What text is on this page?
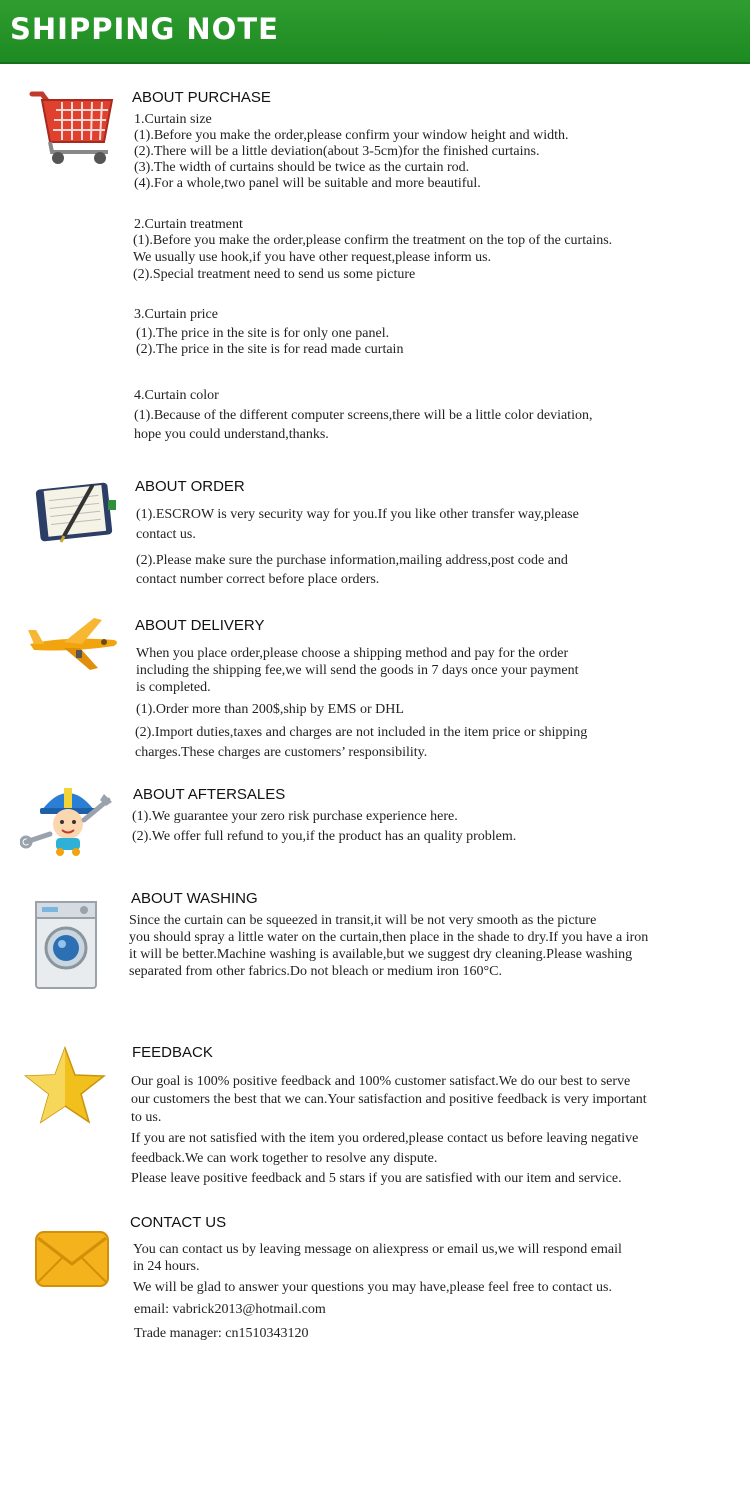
SHIPPING NOTE
ABOUT PURCHASE
1.Curtain size
(1).Before you make the order,please confirm your window height and width.
(2).There will be a little deviation(about 3-5cm)for the finished curtains.
(3).The width of curtains should be twice as the curtain rod.
(4).For a whole,two panel will be suitable and more beautiful.
2.Curtain treatment
(1).Before you make the order,please confirm the treatment on the top of the curtains.
We usually use hook,if you have other request,please inform us.
(2).Special treatment need to send us some picture
3.Curtain price
(1).The price in the site is for only one panel.
(2).The price in the site is for read made curtain
4.Curtain color
(1).Because of the different computer screens,there will be a little color deviation,
hope you could understand,thanks.
ABOUT ORDER
(1).ESCROW is very security way for you.If you like other transfer way,please
contact us.
(2).Please make sure the purchase information,mailing address,post code and
contact number correct before place orders.
ABOUT DELIVERY
When you place order,please choose a shipping method and pay for the order
including the shipping fee,we will send the goods in 7 days once your payment
is completed.
(1).Order more than 200$,ship by EMS or DHL
(2).Import duties,taxes and charges are not included in the item price or shipping
charges.These charges are customers’ responsibility.
ABOUT AFTERSALES
(1).We guarantee your zero risk purchase experience here.
(2).We offer full refund to you,if the product has an quality problem.
ABOUT WASHING
Since the curtain can be squeezed in transit,it will be not very smooth as the picture
you should spray a little water on the curtain,then place in the shade to dry.If you have a iron
it will be better.Machine washing is available,but we suggest dry cleaning.Please washing
separated from other fabrics.Do not bleach or medium iron 160°C.
FEEDBACK
Our goal is 100% positive feedback and 100% customer satisfact.We do our best to serve
our customers the best that we can.Your satisfaction and positive feedback is very important
to us.
If you are not satisfied with the item you ordered,please contact us before leaving negative
feedback.We can work together to resolve any dispute.
Please leave positive feedback and 5 stars if you are satisfied with our item and service.
CONTACT US
You can contact us by leaving message on aliexpress or email us,we will respond email
in 24 hours.
We will be glad to answer your questions you may have,please feel free to contact us.
email: vabrick2013@hotmail.com
Trade manager: cn1510343120
